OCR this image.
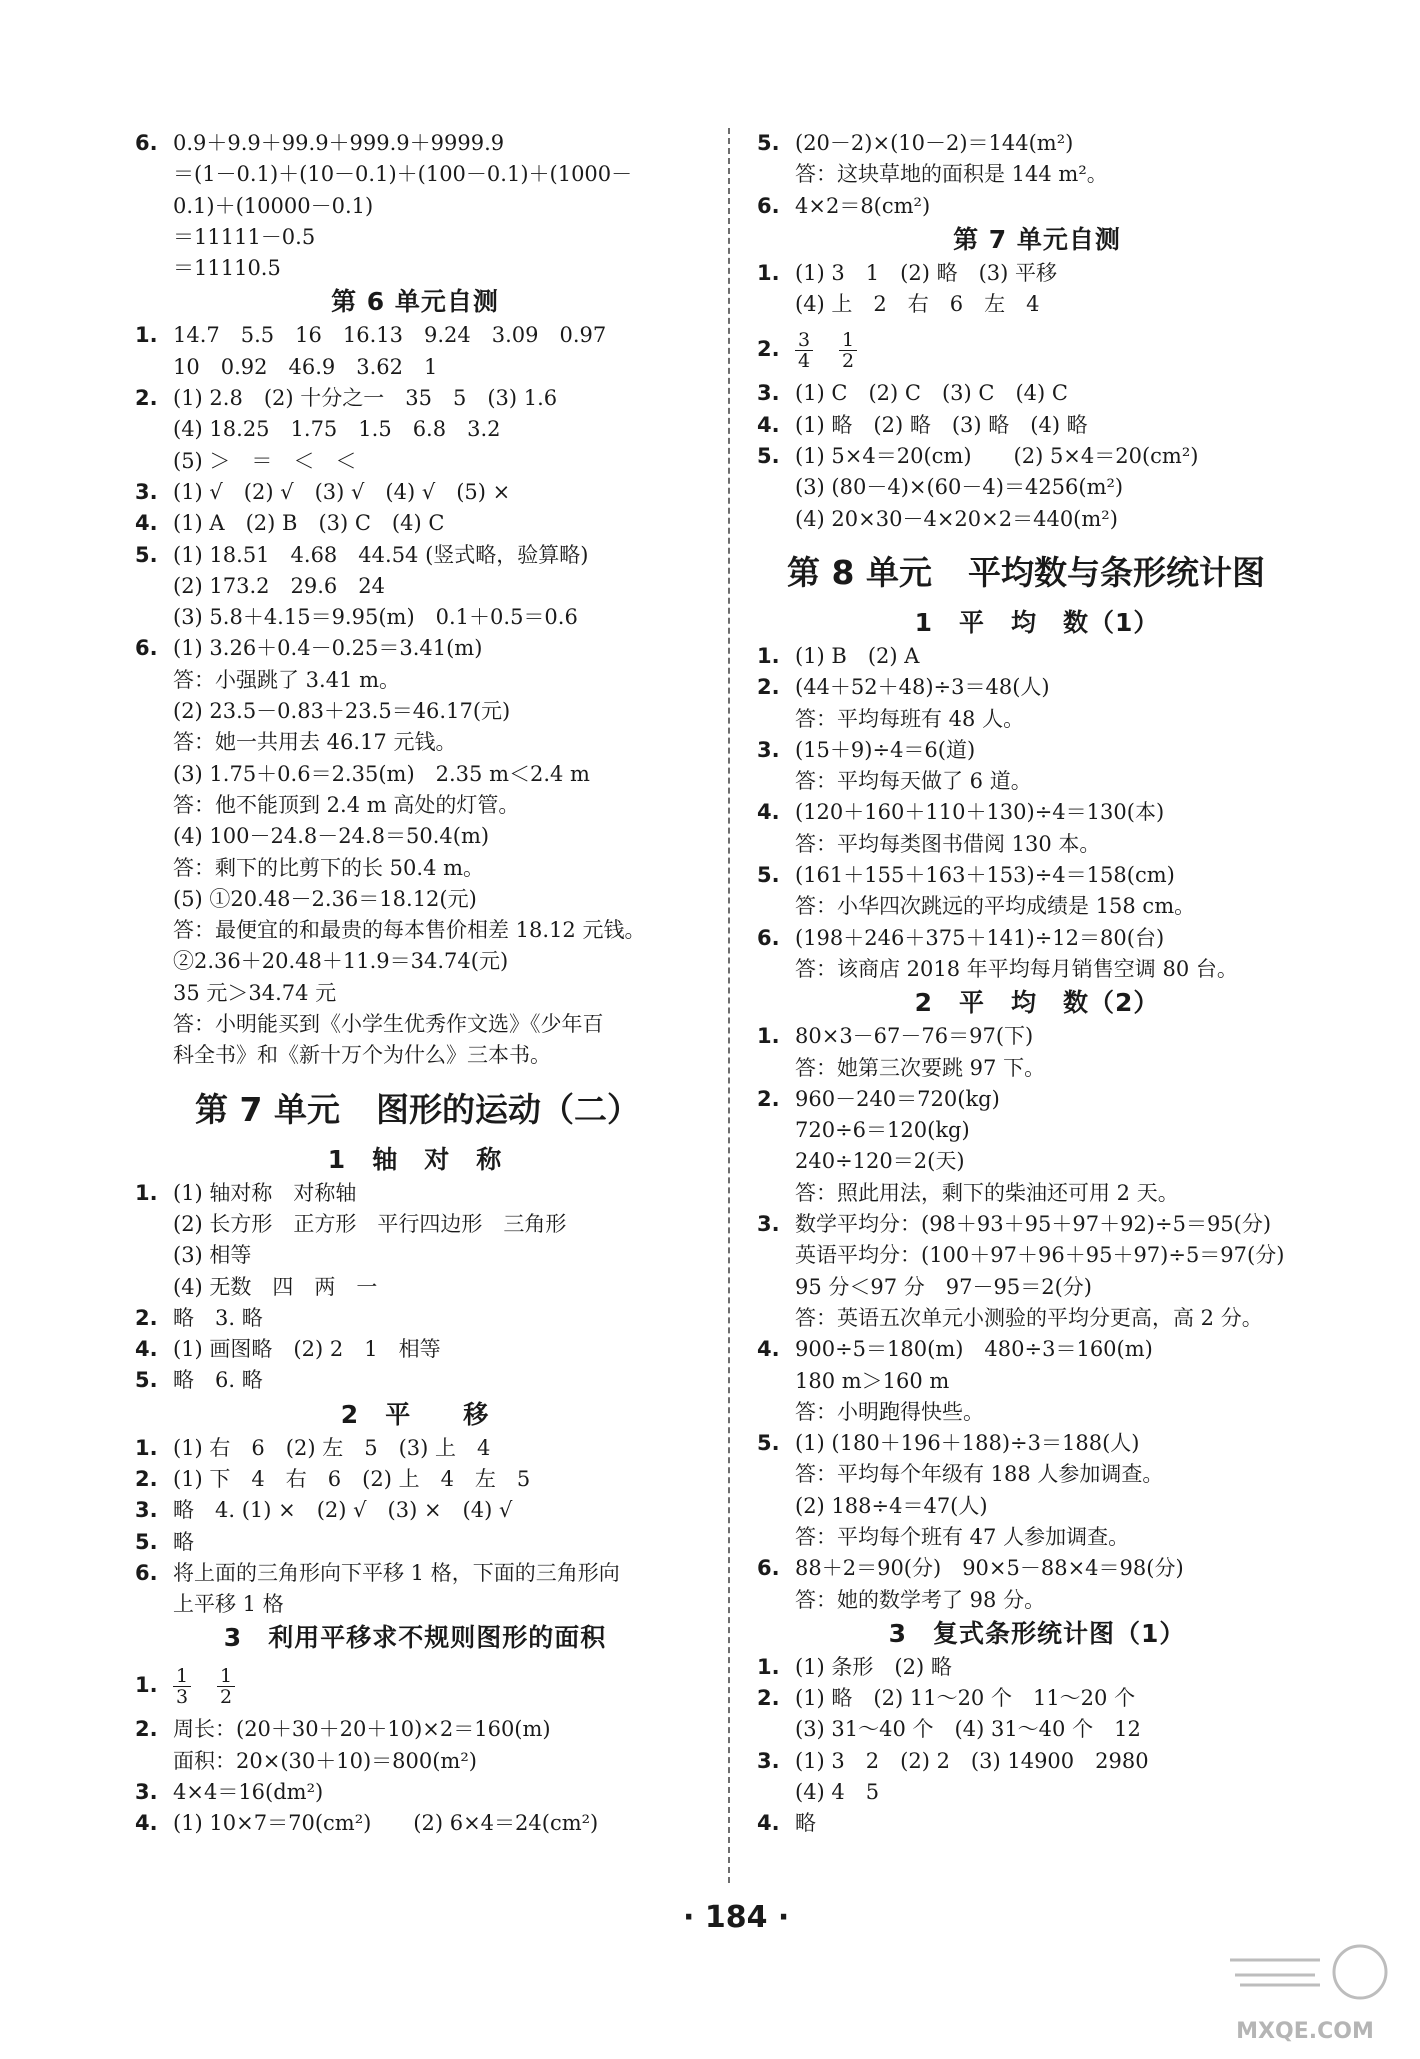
6. 0.9＋9.9＋99.9＋999.9＋9999.9
＝(1－0.1)＋(10－0.1)＋(100－0.1)＋(1000－
0.1)＋(10000－0.1)
＝11111－0.5
＝11110.5
第 6 单元自测
1. 14.7　5.5　16　16.13　9.24　3.09　0.97
10　0.92　46.9　3.62　1
2. (1) 2.8　(2) 十分之一　35　5　(3) 1.6
(4) 18.25　1.75　1.5　6.8　3.2
(5) ＞　＝　＜　＜
3. (1) √　(2) √　(3) √　(4) √　(5) ×
4. (1) A　(2) B　(3) C　(4) C
5. (1) 18.51　4.68　44.54 (竖式略，验算略)
(2) 173.2　29.6　24
(3) 5.8＋4.15＝9.95(m)　0.1＋0.5＝0.6
6. (1) 3.26＋0.4－0.25＝3.41(m)
答：小强跳了 3.41 m。
(2) 23.5－0.83＋23.5＝46.17(元)
答：她一共用去 46.17 元钱。
(3) 1.75＋0.6＝2.35(m)　2.35 m＜2.4 m
答：他不能顶到 2.4 m 高处的灯管。
(4) 100－24.8－24.8＝50.4(m)
答：剩下的比剪下的长 50.4 m。
(5) ①20.48－2.36＝18.12(元)
答：最便宜的和最贵的每本售价相差 18.12 元钱。
②2.36＋20.48＋11.9＝34.74(元)
35 元＞34.74 元
答：小明能买到《小学生优秀作文选》《少年百
科全书》和《新十万个为什么》三本书。
第 7 单元 图形的运动（二）
1　轴　对　称
1. (1) 轴对称　对称轴
(2) 长方形　正方形　平行四边形　三角形
(3) 相等
(4) 无数　四　两　一
2. 略　3. 略
4. (1) 画图略　(2) 2　1　相等
5. 略　6. 略
2　平　　移
1. (1) 右　6　(2) 左　5　(3) 上　4
2. (1) 下　4　右　6　(2) 上　4　左　5
3. 略　4. (1) ×　(2) √　(3) ×　(4) √
5. 略
6. 将上面的三角形向下平移 1 格，下面的三角形向
上平移 1 格
3　利用平移求不规则图形的面积
1. $\frac{1}{3} \frac{1}{2}$
2. 周长：(20＋30＋20＋10)×2＝160(m)
面积：20×(30＋10)＝800(m²)
3. 4×4＝16(dm²)
4. (1) 10×7＝70(cm²)　　(2) 6×4＝24(cm²)
5. (20－2)×(10－2)＝144(m²)
答：这块草地的面积是 144 m²。
6. 4×2＝8(cm²)
第 7 单元自测
1. (1) 3　1　(2) 略　(3) 平移
(4) 上　2　右　6　左　4
2. $\frac{3}{4} \frac{1}{2}$
3. (1) C　(2) C　(3) C　(4) C
4. (1) 略　(2) 略　(3) 略　(4) 略
5. (1) 5×4＝20(cm)　　(2) 5×4＝20(cm²)
(3) (80－4)×(60－4)＝4256(m²)
(4) 20×30－4×20×2＝440(m²)
第 8 单元 平均数与条形统计图
1　平　均　数（1）
1. (1) B　(2) A
2. (44＋52＋48)÷3＝48(人)
答：平均每班有 48 人。
3. (15＋9)÷4＝6(道)
答：平均每天做了 6 道。
4. (120＋160＋110＋130)÷4＝130(本)
答：平均每类图书借阅 130 本。
5. (161＋155＋163＋153)÷4＝158(cm)
答：小华四次跳远的平均成绩是 158 cm。
6. (198＋246＋375＋141)÷12＝80(台)
答：该商店 2018 年平均每月销售空调 80 台。
2　平　均　数（2）
1. 80×3－67－76＝97(下)
答：她第三次要跳 97 下。
2. 960－240＝720(kg)
720÷6＝120(kg)
240÷120＝2(天)
答：照此用法，剩下的柴油还可用 2 天。
3. 数学平均分：(98＋93＋95＋97＋92)÷5＝95(分)
英语平均分：(100＋97＋96＋95＋97)÷5＝97(分)
95 分＜97 分　97－95＝2(分)
答：英语五次单元小测验的平均分更高，高 2 分。
4. 900÷5＝180(m)　480÷3＝160(m)
180 m＞160 m
答：小明跑得快些。
5. (1) (180＋196＋188)÷3＝188(人)
答：平均每个年级有 188 人参加调查。
(2) 188÷4＝47(人)
答：平均每个班有 47 人参加调查。
6. 88＋2＝90(分)　90×5－88×4＝98(分)
答：她的数学考了 98 分。
3　复式条形统计图（1）
1. (1) 条形　(2) 略
2. (1) 略　(2) 11～20 个　11～20 个
(3) 31～40 个　(4) 31～40 个　12
3. (1) 3　2　(2) 2　(3) 14900　2980
(4) 4　5
4. 略
· 184 ·
MXQE.COM
